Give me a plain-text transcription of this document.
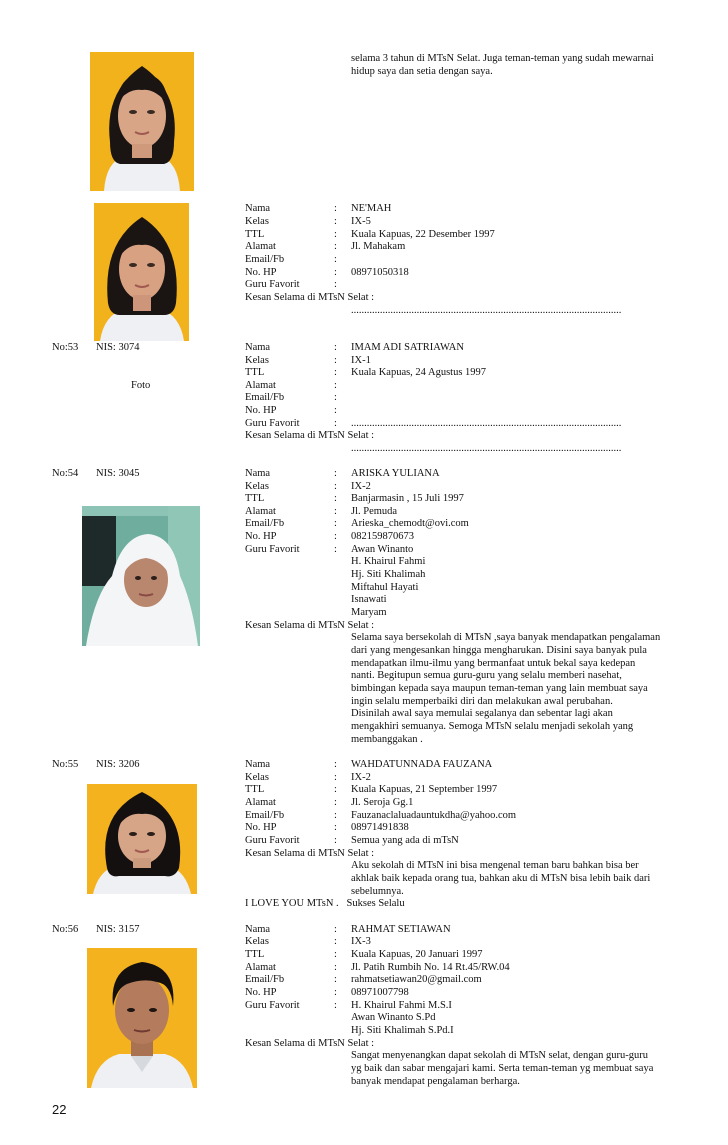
selama 3 tahun di MTsN Selat. Juga teman-teman yang sudah mewarnai
hidup saya dan setia dengan saya.
Nama	: NE'MAH
Kelas	: IX-5
TTL	: Kuala Kapuas, 22 Desember 1997
Alamat	: Jl. Mahakam
Email/Fb	:
No. HP	: 08971050318
Guru Favorit	:
Kesan Selama di MTsN Selat :
.......................................................................................................
No:53 NIS: 3074
Foto
Nama	: IMAM ADI SATRIAWAN
Kelas	: IX-1
TTL	: Kuala Kapuas, 24 Agustus 1997
Alamat	:
Email/Fb	:
No. HP	:
Guru Favorit	: .......................................................................................................
Kesan Selama di MTsN Selat :
.......................................................................................................
No:54 NIS: 3045	Nama	: ARISKA YULIANA
Kelas	: IX-2
TTL	: Banjarmasin , 15 Juli 1997
Alamat	: Jl. Pemuda
Email/Fb	: Arieska_chemodt@ovi.com
No. HP	: 082159870673
Guru Favorit	: Awan Winanto
H. Khairul Fahmi
Hj. Siti Khalimah
Miftahul Hayati
Isnawati
Maryam
Kesan Selama di MTsN Selat :
Selama saya bersekolah di MTsN ,saya banyak mendapatkan pengalaman
dari yang mengesankan hingga mengharukan. Disini saya banyak pula
mendapatkan ilmu-ilmu yang bermanfaat untuk bekal saya kedepan
nanti. Begitupun semua guru-guru yang selalu memberi nasehat,
bimbingan kepada saya maupun teman-teman yang lain membuat saya
ingin selalu memperbaiki diri dan melakukan awal perubahan.
Disinilah awal saya memulai segalanya dan sebentar lagi akan
mengakhiri semuanya. Semoga MTsN selalu menjadi sekolah yang
membanggakan .
No:55 NIS: 3206	Nama	: WAHDATUNNADA FAUZANA
Kelas	: IX-2
TTL	: Kuala Kapuas, 21 September 1997
Alamat	: Jl. Seroja Gg.1
Email/Fb	: Fauzanaclaluadauntukdha@yahoo.com
No. HP	: 08971491838
Guru Favorit	: Semua yang ada di mTsN
Kesan Selama di MTsN Selat :
Aku sekolah di MTsN ini bisa mengenal teman baru bahkan bisa ber
akhlak baik kepada orang tua, bahkan aku di MTsN bisa lebih baik dari
sebelumnya.
I LOVE YOU MTsN .   Sukses Selalu
No:56 NIS: 3157	Nama	: RAHMAT SETIAWAN
Kelas	: IX-3
TTL	: Kuala Kapuas, 20 Januari 1997
Alamat	: Jl. Patih Rumbih No. 14 Rt.45/RW.04
Email/Fb	: rahmatsetiawan20@gmail.com
No. HP	: 08971007798
Guru Favorit	: H. Khairul Fahmi M.S.I
Awan Winanto S.Pd
Hj. Siti Khalimah S.Pd.I
Kesan Selama di MTsN Selat :
Sangat menyenangkan dapat sekolah di MTsN selat, dengan guru-guru
yg baik dan sabar mengajari kami. Serta teman-teman yg membuat saya
banyak mendapat pengalaman berharga.
22
